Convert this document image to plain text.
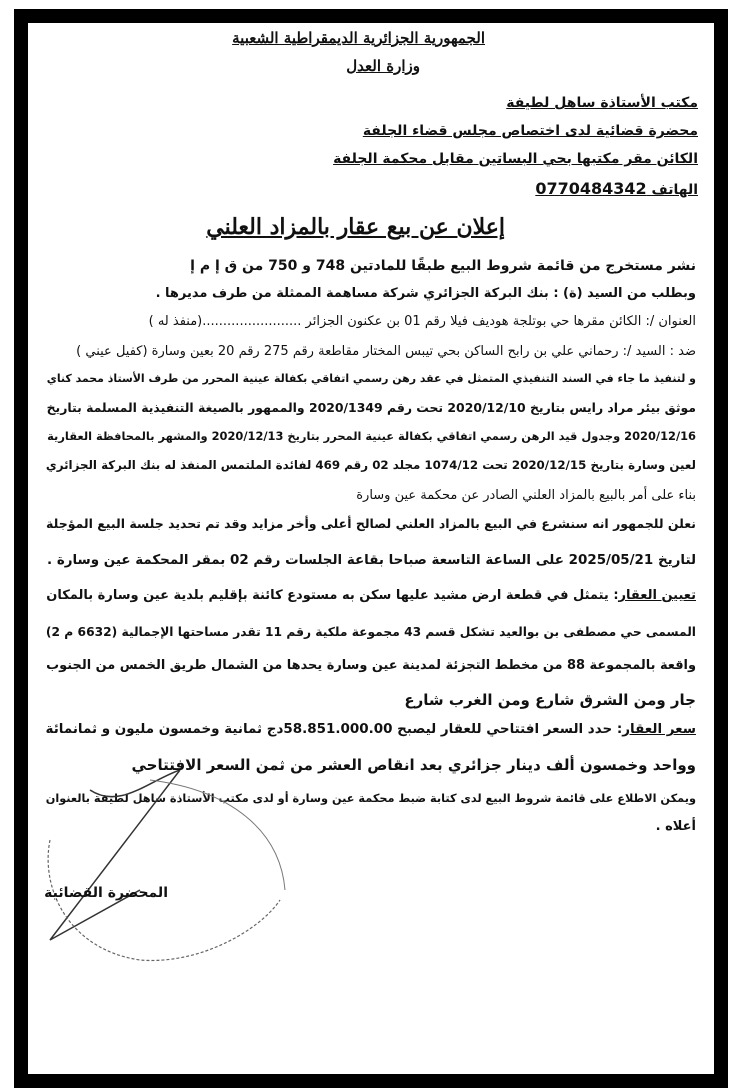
الجمهورية الجزائرية الديمقراطية الشعبية
وزارة العدل
مكتب الأستاذة ساهل لطيفة
محضرة قضائية لدى اختصاص مجلس قضاء الجلفة
الكائن مقر مكتبها بحي البساتين مقابل محكمة الجلفة
الهاتف 0770484342
إعلان عن بيع عقار بالمزاد العلني
نشر مستخرج من قائمة شروط البيع طبقًا للمادتين 748 و 750 من ق إ م إ
وبطلب من السيد (ة) : بنك البركة الجزائري شركة مساهمة الممثلة من طرف مديرها .
العنوان /: الكائن مقرها حي بوتلجة هوديف فيلا رقم 01 بن عكنون الجزائر ........................(منفذ له )
ضد : السيد /: رحماني علي بن رابح الساكن بحي تيبس المختار مقاطعة رقم 275 رقم 20 بعين وسارة (كفيل عيني )
و لتنفيذ ما جاء في السند التنفيذي المتمثل في عقد رهن رسمي اتفاقي بكفالة عينية المحرر من طرف الأستاذ محمد كناي
موثق بيئر مراد رايس بتاريخ 2020/12/10 تحت رقم 2020/1349 والممهور بالصيغة التنفيذية المسلمة بتاريخ
2020/12/16 وجدول قيد الرهن رسمي اتفاقي بكفالة عينية المحرر بتاريخ 2020/12/13 والمشهر بالمحافظة العقارية
لعين وسارة بتاريخ 2020/12/15 تحت 1074/12 مجلد 02 رقم 469 لفائدة الملتمس المنفذ له بنك البركة الجزائري
بناء على أمر بالبيع بالمزاد العلني الصادر عن محكمة عين وسارة
نعلن للجمهور انه سنشرع في البيع بالمزاد العلني لصالح أعلى وأخر مزايد وقد تم تحديد جلسة البيع المؤجلة
لتاريخ 2025/05/21 على الساعة التاسعة صباحا بقاعة الجلسات رقم 02 بمقر المحكمة عين وسارة .
تعيين العقار: يتمثل في قطعة ارض مشيد عليها سكن به مستودع كائنة بإقليم بلدية عين وسارة بالمكان
المسمى حي مصطفى بن بوالعيد تشكل قسم 43 مجموعة ملكية رقم 11 تقدر مساحتها الإجمالية (6632 م 2)
واقعة بالمجموعة 88 من مخطط التجزئة لمدينة عين وسارة يحدها من الشمال طريق الخمس من الجنوب
جار ومن الشرق شارع ومن الغرب شارع
سعر العقار: حدد السعر افتتاحي للعقار ليصبح 58.851.000.00دج ثمانية وخمسون مليون و ثمانمائة
وواحد وخمسون ألف دينار جزائري بعد انقاص العشر من ثمن السعر الافتتاحي
ويمكن الاطلاع على قائمة شروط البيع لدى كتابة ضبط محكمة عين وسارة أو لدى مكتب الأستاذة ساهل لطيفة بالعنوان
أعلاه .
المحضرة القضائية
